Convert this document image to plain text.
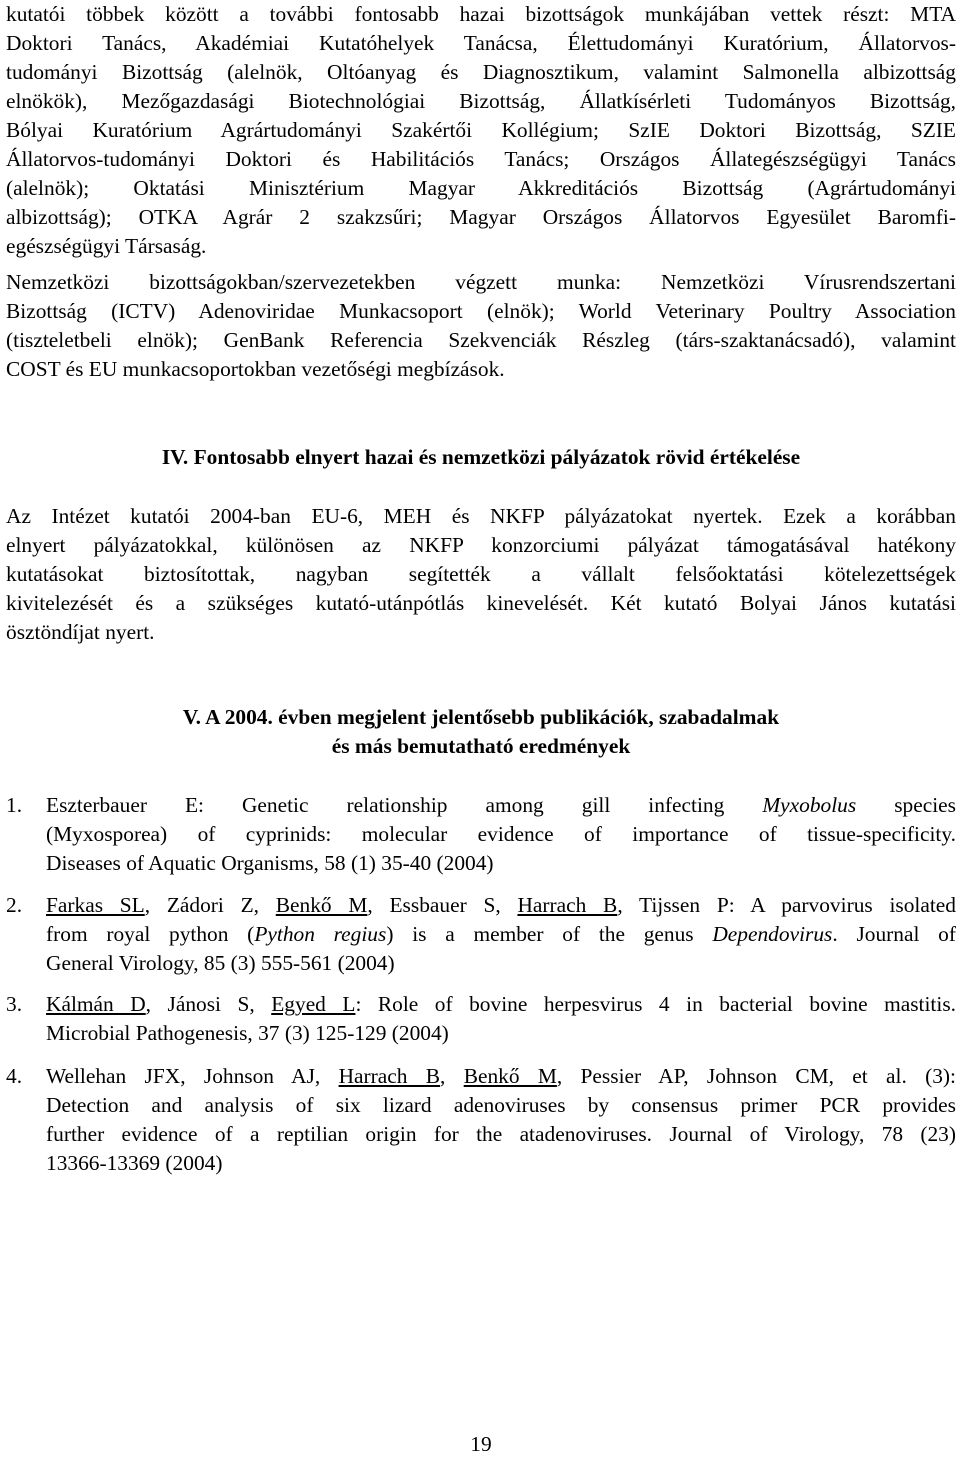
kutatói többek között a további fontosabb hazai bizottságok munkájában vettek részt: MTA
Doktori Tanács, Akadémiai Kutatóhelyek Tanácsa, Élettudományi Kuratórium, Állatorvos-
tudományi Bizottság (alelnök, Oltóanyag és Diagnosztikum, valamint Salmonella albizottság
elnökök), Mezőgazdasági Biotechnológiai Bizottság, Állatkísérleti Tudományos Bizottság,
Bólyai Kuratórium Agrártudományi Szakértői Kollégium; SzIE Doktori Bizottság, SZIE
Állatorvos-tudományi Doktori és Habilitációs Tanács; Országos Állategészségügyi Tanács
(alelnök); Oktatási Minisztérium Magyar Akkreditációs Bizottság (Agrártudományi
albizottság); OTKA Agrár 2 szakzsűri; Magyar Országos Állatorvos Egyesület Baromfi-
egészségügyi Társaság.
Nemzetközi bizottságokban/szervezetekben végzett munka: Nemzetközi Vírusrendszertani
Bizottság (ICTV) Adenoviridae Munkacsoport (elnök); World Veterinary Poultry Association
(tiszteletbeli elnök); GenBank Referencia Szekvenciák Részleg (társ-szaktanácsadó), valamint
COST és EU munkacsoportokban vezetőségi megbízások.
IV. Fontosabb elnyert hazai és nemzetközi pályázatok rövid értékelése
Az Intézet kutatói 2004-ban EU-6, MEH és NKFP pályázatokat nyertek. Ezek a korábban
elnyert pályázatokkal, különösen az NKFP konzorciumi pályázat támogatásával hatékony
kutatásokat biztosítottak, nagyban segítették a vállalt felsőoktatási kötelezettségek
kivitelezését és a szükséges kutató-utánpótlás kinevelését. Két kutató Bolyai János kutatási
ösztöndíjat nyert.
V. A 2004. évben megjelent jelentősebb publikációk, szabadalmak
és más bemutatható eredmények
1. Eszterbauer E: Genetic relationship among gill infecting Myxobolus species
(Myxosporea) of cyprinids: molecular evidence of importance of tissue-specificity.
Diseases of Aquatic Organisms, 58 (1) 35-40 (2004)
2. Farkas SL, Zádori Z, Benkő M, Essbauer S, Harrach B, Tijssen P: A parvovirus isolated
from royal python (Python regius) is a member of the genus Dependovirus. Journal of
General Virology, 85 (3) 555-561 (2004)
3. Kálmán D, Jánosi S, Egyed L: Role of bovine herpesvirus 4 in bacterial bovine mastitis.
Microbial Pathogenesis, 37 (3) 125-129 (2004)
4. Wellehan JFX, Johnson AJ, Harrach B, Benkő M, Pessier AP, Johnson CM, et al. (3):
Detection and analysis of six lizard adenoviruses by consensus primer PCR provides
further evidence of a reptilian origin for the atadenoviruses. Journal of Virology, 78 (23)
13366-13369 (2004)
19
